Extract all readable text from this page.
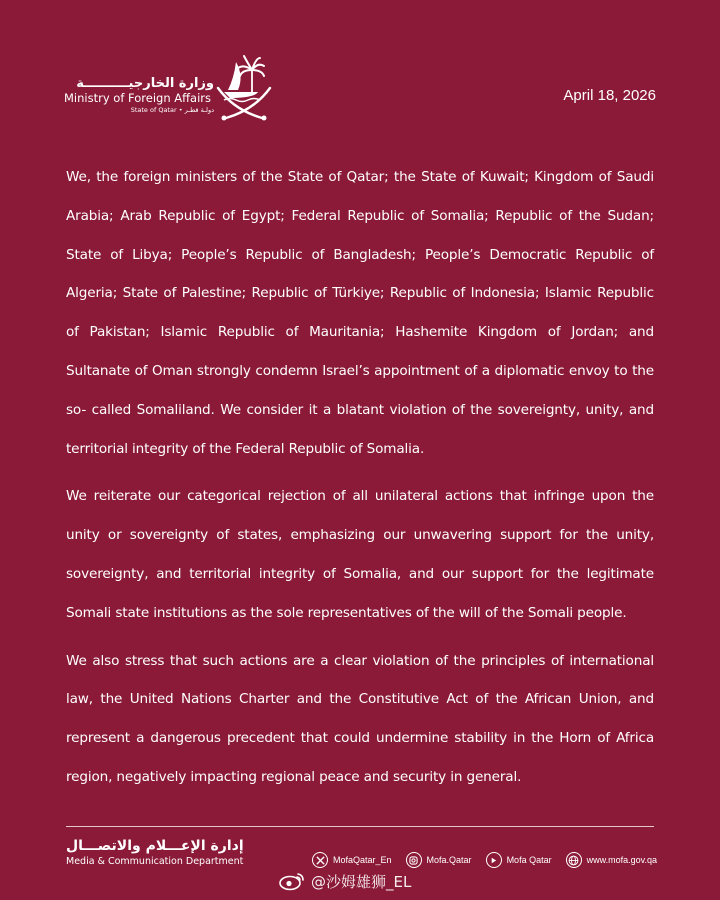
وزارة الخارجيــــــــــة
Ministry of Foreign Affairs
State of Qatar • دولـة قطـر
April 18, 2026

We, the foreign ministers of the State of Qatar; the State of Kuwait; Kingdom of Saudi Arabia; Arab Republic of Egypt; Federal Republic of Somalia; Republic of the Sudan; State of Libya; People’s Republic of Bangladesh; People’s Democratic Republic of Algeria; State of Palestine; Republic of Türkiye; Republic of Indonesia; Islamic Republic of Pakistan; Islamic Republic of Mauritania; Hashemite Kingdom of Jordan; and Sultanate of Oman strongly condemn Israel’s appointment of a diplomatic envoy to the so- called Somaliland. We consider it a blatant violation of the sovereignty, unity, and territorial integrity of the Federal Republic of Somalia.

We reiterate our categorical rejection of all unilateral actions that infringe upon the unity or sovereignty of states, emphasizing our unwavering support for the unity, sovereignty, and territorial integrity of Somalia, and our support for the legitimate Somali state institutions as the sole representatives of the will of the Somali people.

We also stress that such actions are a clear violation of the principles of international law, the United Nations Charter and the Constitutive Act of the African Union, and represent a dangerous precedent that could undermine stability in the Horn of Africa region, negatively impacting regional peace and security in general.

إدارة الإعـــلام والاتصـــال
Media & Communication Department	MofaQatar_En	Mofa.Qatar	Mofa Qatar	www.mofa.gov.qa
@沙姆雄狮_EL
